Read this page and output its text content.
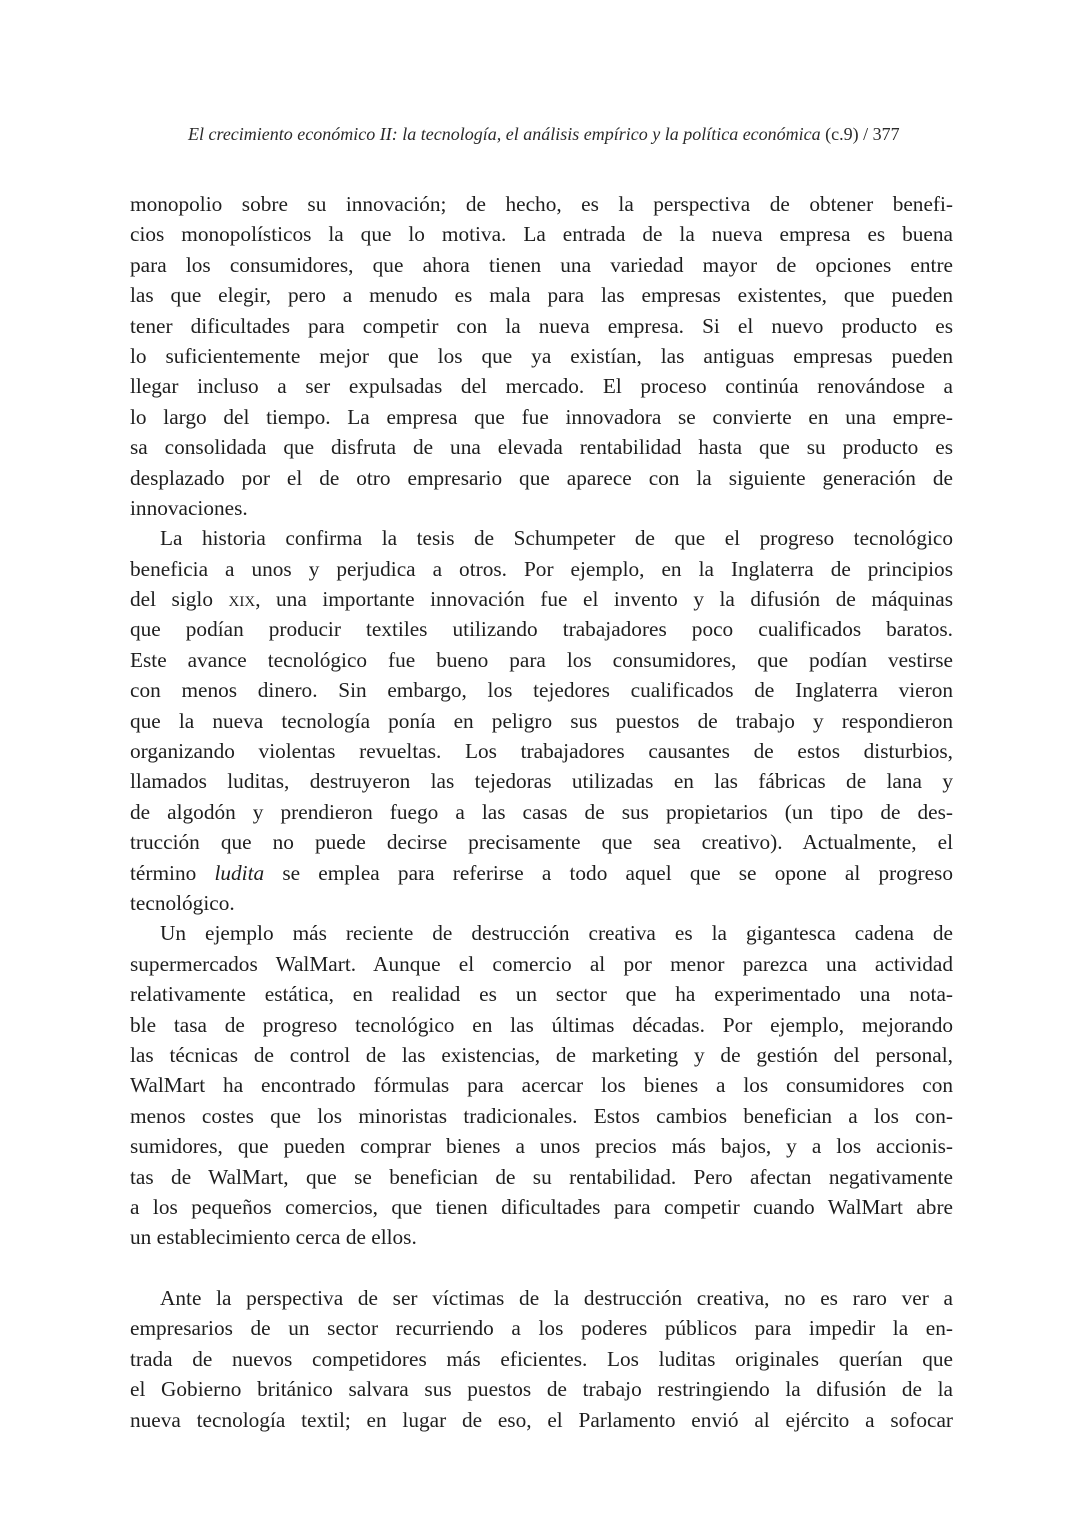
El crecimiento económico II: la tecnología, el análisis empírico y la política económica (c.9) / 377
monopolio sobre su innovación; de hecho, es la perspectiva de obtener benefi-
cios monopolísticos la que lo motiva. La entrada de la nueva empresa es buena
para los consumidores, que ahora tienen una variedad mayor de opciones entre
las que elegir, pero a menudo es mala para las empresas existentes, que pueden
tener dificultades para competir con la nueva empresa. Si el nuevo producto es
lo suficientemente mejor que los que ya existían, las antiguas empresas pueden
llegar incluso a ser expulsadas del mercado. El proceso continúa renovándose a
lo largo del tiempo. La empresa que fue innovadora se convierte en una empre-
sa consolidada que disfruta de una elevada rentabilidad hasta que su producto es
desplazado por el de otro empresario que aparece con la siguiente generación de
innovaciones.
La historia confirma la tesis de Schumpeter de que el progreso tecnológico
beneficia a unos y perjudica a otros. Por ejemplo, en la Inglaterra de principios
del siglo xix, una importante innovación fue el invento y la difusión de máquinas
que podían producir textiles utilizando trabajadores poco cualificados baratos.
Este avance tecnológico fue bueno para los consumidores, que podían vestirse
con menos dinero. Sin embargo, los tejedores cualificados de Inglaterra vieron
que la nueva tecnología ponía en peligro sus puestos de trabajo y respondieron
organizando violentas revueltas. Los trabajadores causantes de estos disturbios,
llamados luditas, destruyeron las tejedoras utilizadas en las fábricas de lana y
de algodón y prendieron fuego a las casas de sus propietarios (un tipo de des-
trucción que no puede decirse precisamente que sea creativo). Actualmente, el
término ludita se emplea para referirse a todo aquel que se opone al progreso
tecnológico.
Un ejemplo más reciente de destrucción creativa es la gigantesca cadena de
supermercados WalMart. Aunque el comercio al por menor parezca una actividad
relativamente estática, en realidad es un sector que ha experimentado una nota-
ble tasa de progreso tecnológico en las últimas décadas. Por ejemplo, mejorando
las técnicas de control de las existencias, de marketing y de gestión del personal,
WalMart ha encontrado fórmulas para acercar los bienes a los consumidores con
menos costes que los minoristas tradicionales. Estos cambios benefician a los con-
sumidores, que pueden comprar bienes a unos precios más bajos, y a los accionis-
tas de WalMart, que se benefician de su rentabilidad. Pero afectan negativamente
a los pequeños comercios, que tienen dificultades para competir cuando WalMart abre
un establecimiento cerca de ellos.
Ante la perspectiva de ser víctimas de la destrucción creativa, no es raro ver a
empresarios de un sector recurriendo a los poderes públicos para impedir la en-
trada de nuevos competidores más eficientes. Los luditas originales querían que
el Gobierno británico salvara sus puestos de trabajo restringiendo la difusión de la
nueva tecnología textil; en lugar de eso, el Parlamento envió al ejército a sofocar
